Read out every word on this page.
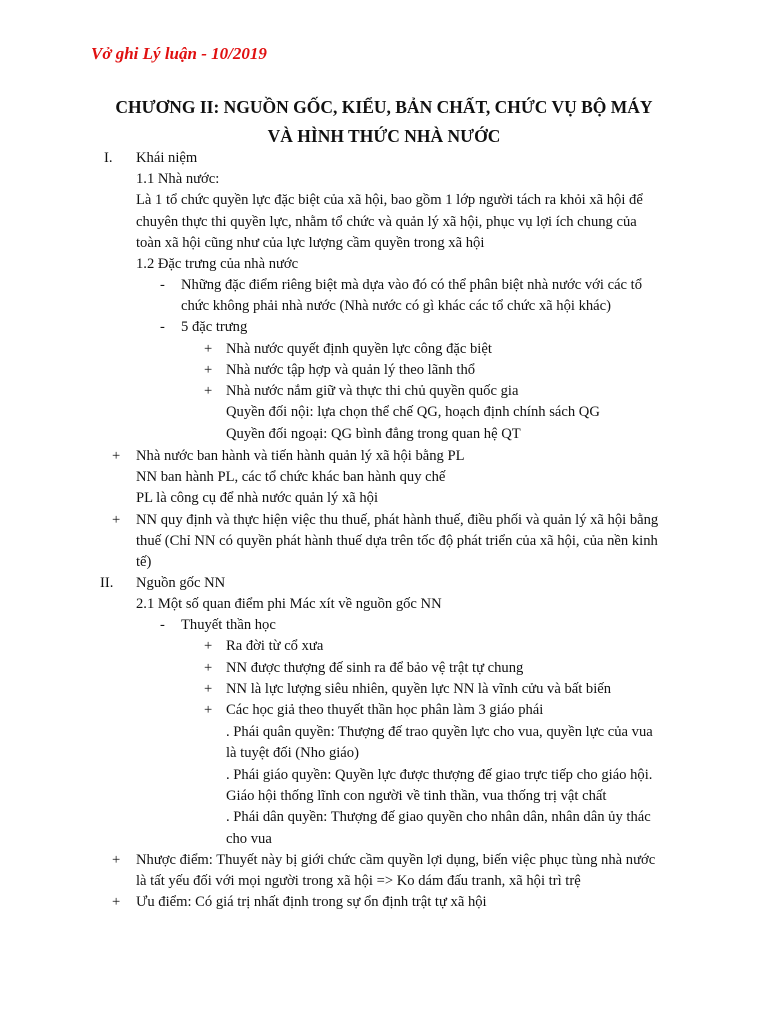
Vở ghi Lý luận - 10/2019
CHƯƠNG II: NGUỒN GỐC, KIỂU, BẢN CHẤT, CHỨC VỤ BỘ MÁY
VÀ HÌNH THỨC NHÀ NƯỚC
I.
-
-
+
+
+
+
+
II.
-
+
+
+
+
+
+
Khái niệm
1.1 Nhà nước:
Là 1 tổ chức quyền lực đặc biệt của xã hội, bao gồm 1 lớp người tách ra khỏi xã hội để
chuyên thực thi quyền lực, nhằm tổ chức và quản lý xã hội, phục vụ lợi ích chung của
toàn xã hội cũng như của lực lượng cầm quyền trong xã hội
1.2 Đặc trưng của nhà nước
Những đặc điểm riêng biệt mà dựa vào đó có thể phân biệt nhà nước với các tổ
chức không phải nhà nước (Nhà nước có gì khác các tổ chức xã hội khác)
5 đặc trưng
Nhà nước quyết định quyền lực công đặc biệt
Nhà nước tập hợp và quản lý theo lãnh thổ
Nhà nước nắm giữ và thực thi chủ quyền quốc gia
Quyền đối nội: lựa chọn thể chế QG, hoạch định chính sách QG
Quyền đối ngoại: QG bình đẳng trong quan hệ QT
Nhà nước ban hành và tiến hành quản lý xã hội bằng PL
NN ban hành PL, các tổ chức khác ban hành quy chế
PL là công cụ để nhà nước quản lý xã hội
NN quy định và thực hiện việc thu thuế, phát hành thuế, điều phối và quản lý xã hội bằng
thuế (Chỉ NN có quyền phát hành thuế dựa trên tốc độ phát triển của xã hội, của nền kinh
tế)
Nguồn gốc NN
2.1 Một số quan điểm phi Mác xít về nguồn gốc NN
Thuyết thần học
Ra đời từ cổ xưa
NN được thượng đế sinh ra để bảo vệ trật tự chung
NN là lực lượng siêu nhiên, quyền lực NN là vĩnh cửu và bất biến
Các học giả theo thuyết thần học phân làm 3 giáo phái
. Phái quân quyền: Thượng đế trao quyền lực cho vua, quyền lực của vua
là tuyệt đối (Nho giáo)
. Phái giáo quyền: Quyền lực được thượng đế giao trực tiếp cho giáo hội.
Giáo hội thống lĩnh con người về tinh thần, vua thống trị vật chất
. Phái dân quyền: Thượng đế giao quyền cho nhân dân, nhân dân ủy thác
cho vua
Nhược điểm: Thuyết này bị giới chức cầm quyền lợi dụng, biến việc phục tùng nhà nước
là tất yếu đối với mọi người trong xã hội => Ko dám đấu tranh, xã hội trì trệ
Ưu điểm: Có giá trị nhất định trong sự ổn định trật tự xã hội
